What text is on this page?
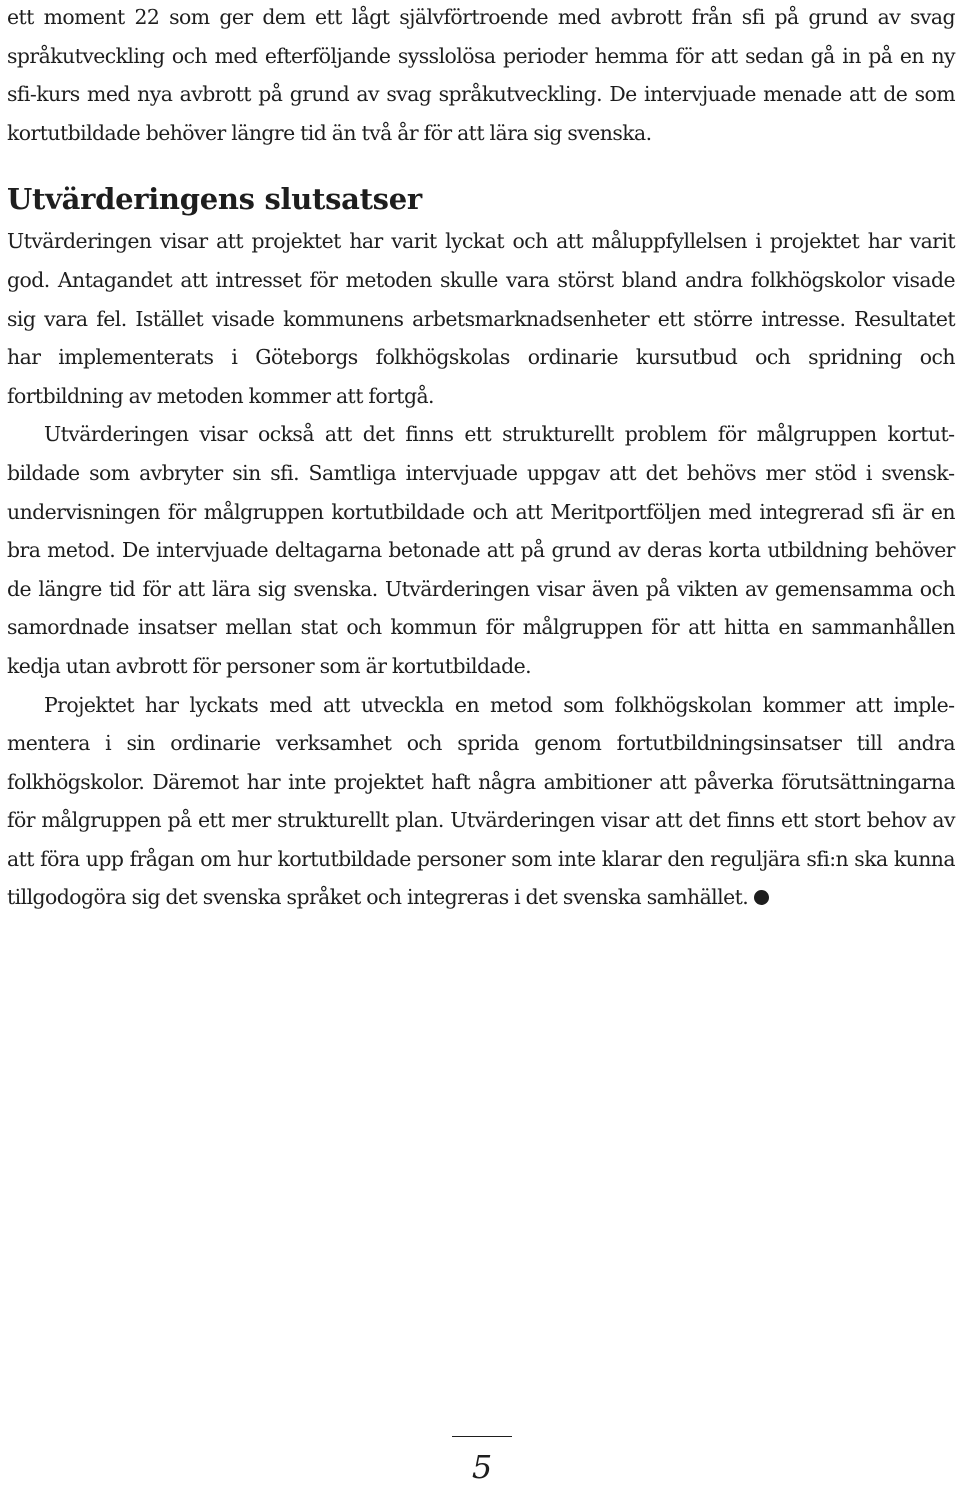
ett moment 22 som ger dem ett lågt självförtroende med avbrott från sfi på grund av svag språkutveckling och med efterföljande sysslolösa perioder hemma för att sedan gå in på en ny sfi-kurs med nya avbrott på grund av svag språkutveckling. De intervjuade menade att de som kortutbildade behöver längre tid än två år för att lära sig svenska.

Utvärderingens slutsatser

Utvärderingen visar att projektet har varit lyckat och att måluppfyllelsen i projektet har varit god. Antagandet att intresset för metoden skulle vara störst bland andra folkhögskolor visade sig vara fel. Istället visade kommunens arbetsmarknadsenheter ett större intresse. Resultatet har implementerats i Göteborgs folkhögskolas ordinarie kursutbud och spridning och fortbildning av metoden kommer att fortgå.

Utvärderingen visar också att det finns ett strukturellt problem för målgruppen kortutbildade som avbryter sin sfi. Samtliga intervjuade uppgav att det behövs mer stöd i svenskundervisningen för målgruppen kortutbildade och att Meritportföljen med integrerad sfi är en bra metod. De intervjuade deltagarna betonade att på grund av deras korta utbildning behöver de längre tid för att lära sig svenska. Utvärderingen visar även på vikten av gemensamma och samordnade insatser mellan stat och kommun för målgruppen för att hitta en sammanhållen kedja utan avbrott för personer som är kortutbildade.

Projektet har lyckats med att utveckla en metod som folkhögskolan kommer att implementera i sin ordinarie verksamhet och sprida genom fortutbildningsinsatser till andra folkhögskolor. Däremot har inte projektet haft några ambitioner att påverka förutsättningarna för målgruppen på ett mer strukturellt plan. Utvärderingen visar att det finns ett stort behov av att föra upp frågan om hur kortutbildade personer som inte klarar den reguljära sfi:n ska kunna tillgodogöra sig det svenska språket och integreras i det svenska samhället.

5
